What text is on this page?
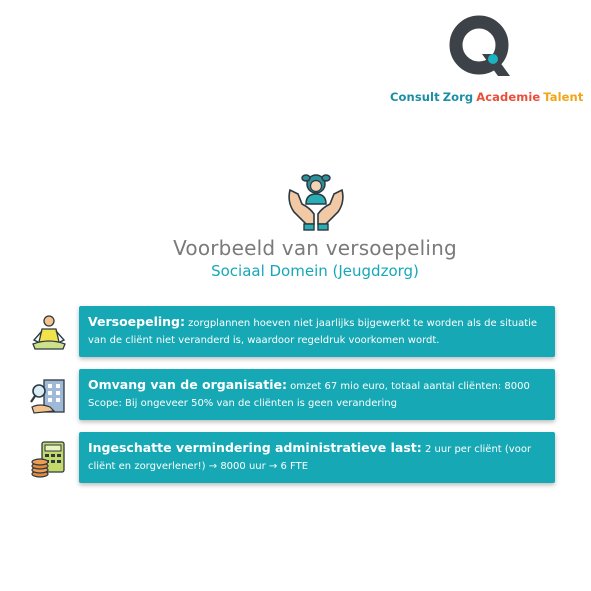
Consult Zorg Academie Talent
Voorbeeld van versoepeling
Sociaal Domein (Jeugdzorg)
Versoepeling: zorgplannen hoeven niet jaarlijks bijgewerkt te worden als de situatie van de cliënt niet veranderd is, waardoor regeldruk voorkomen wordt.
Omvang van de organisatie: omzet 67 mio euro, totaal aantal cliënten: 8000
Scope: Bij ongeveer 50% van de cliënten is geen verandering
Ingeschatte vermindering administratieve last: 2 uur per cliënt (voor cliënt en zorgverlener!) → 8000 uur → 6 FTE
